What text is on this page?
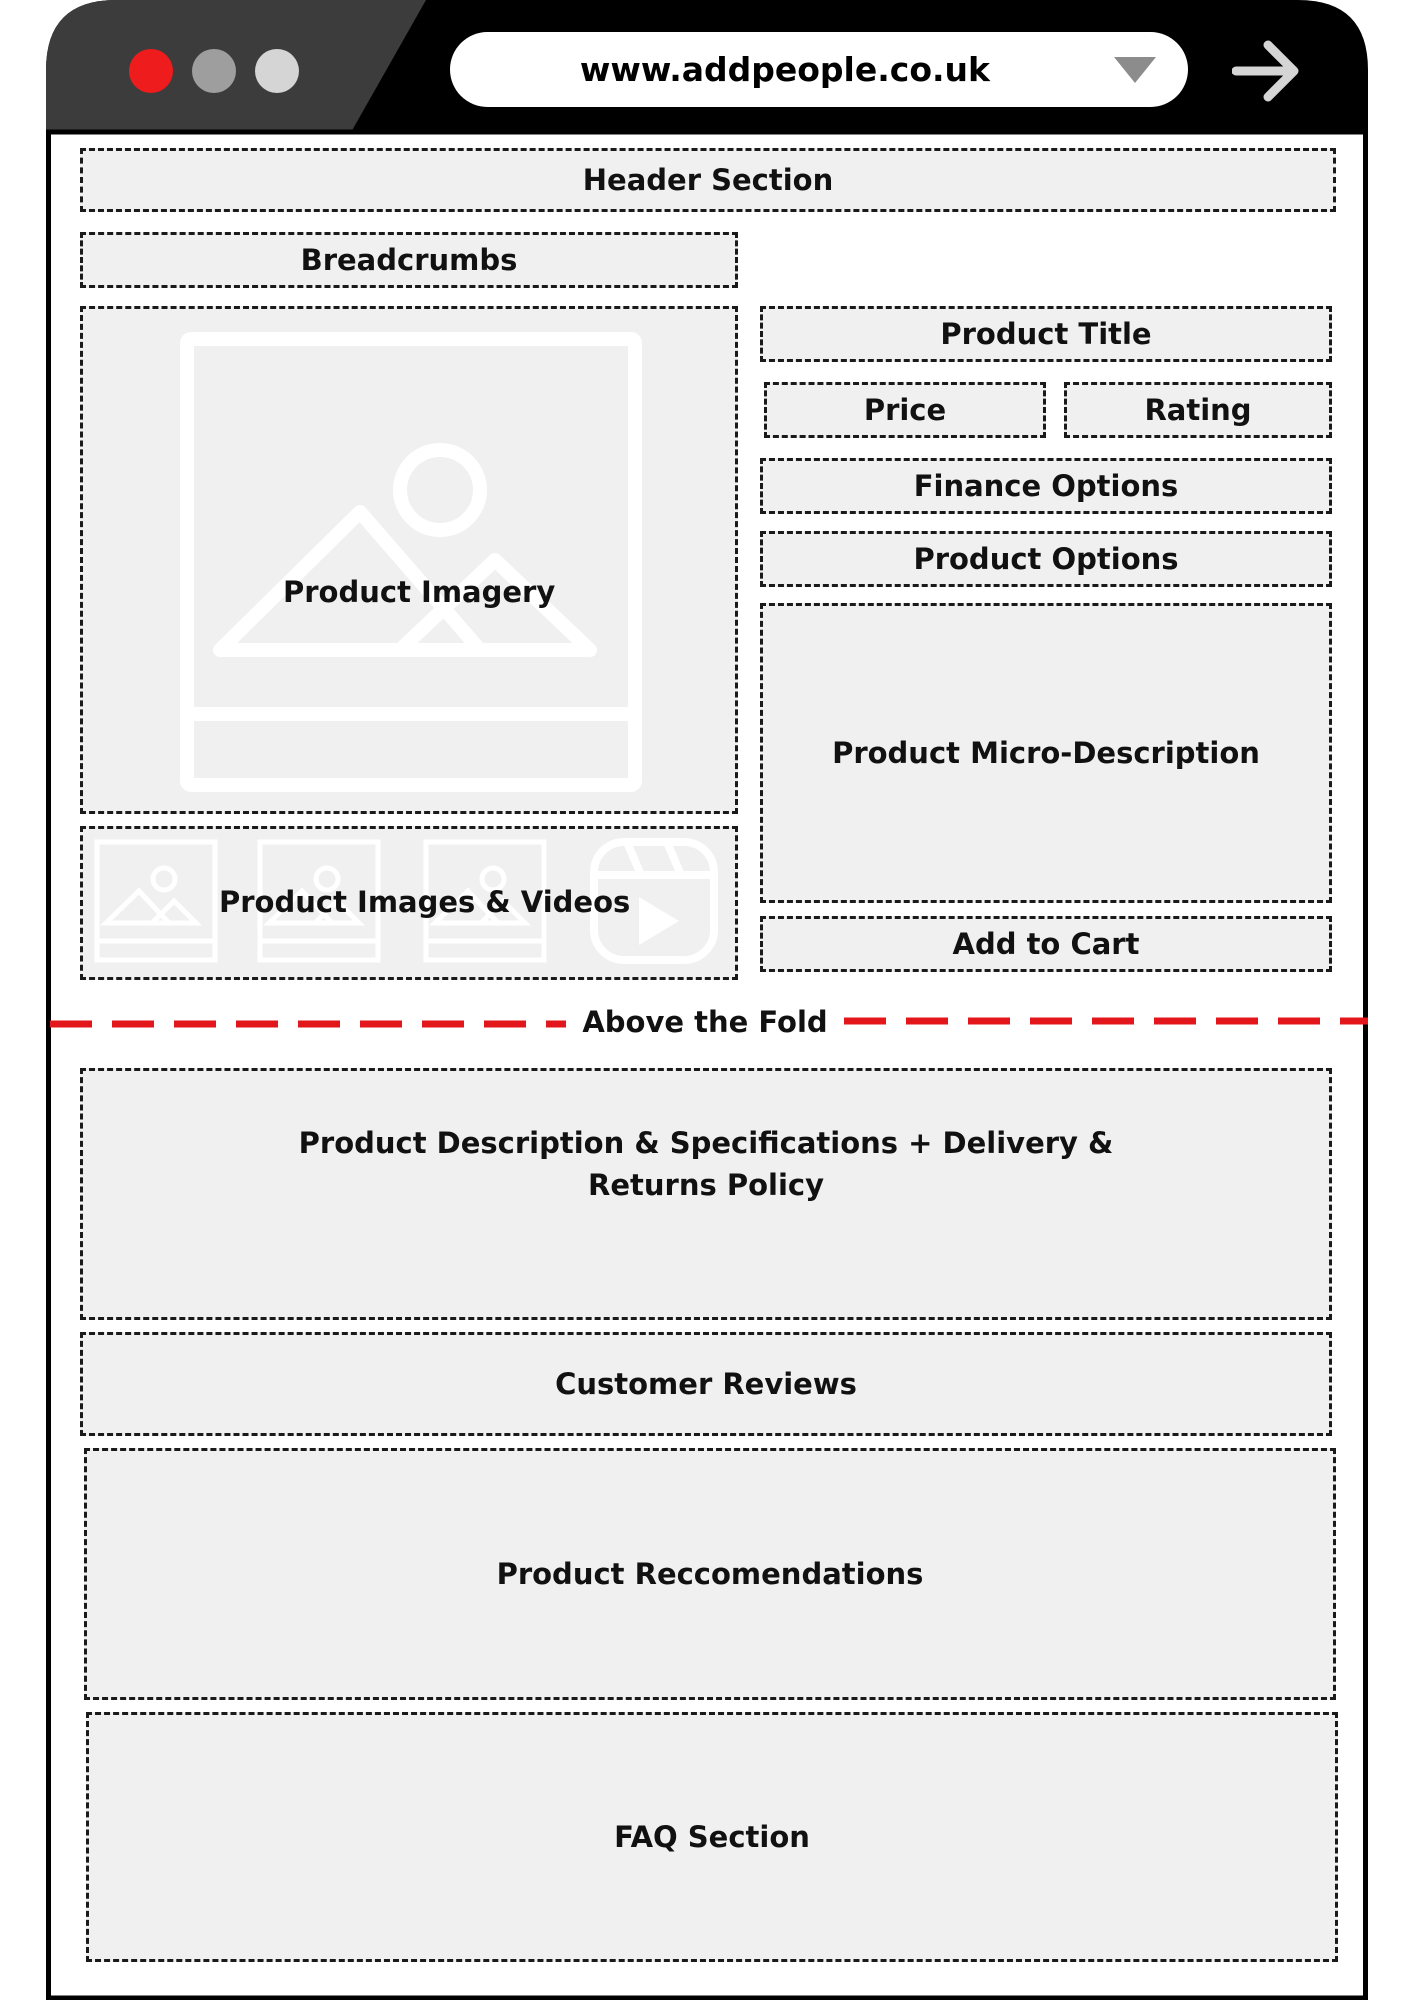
www.addpeople.co.uk
Header Section
Breadcrumbs
Product Imagery
Product Images & Videos
Product Title
Price	Rating
Finance Options
Product Options
Product Micro-Description
Add to Cart
Above the Fold
Product Description & Specifications + Delivery &
Returns Policy
Customer Reviews
Product Reccomendations
FAQ Section
